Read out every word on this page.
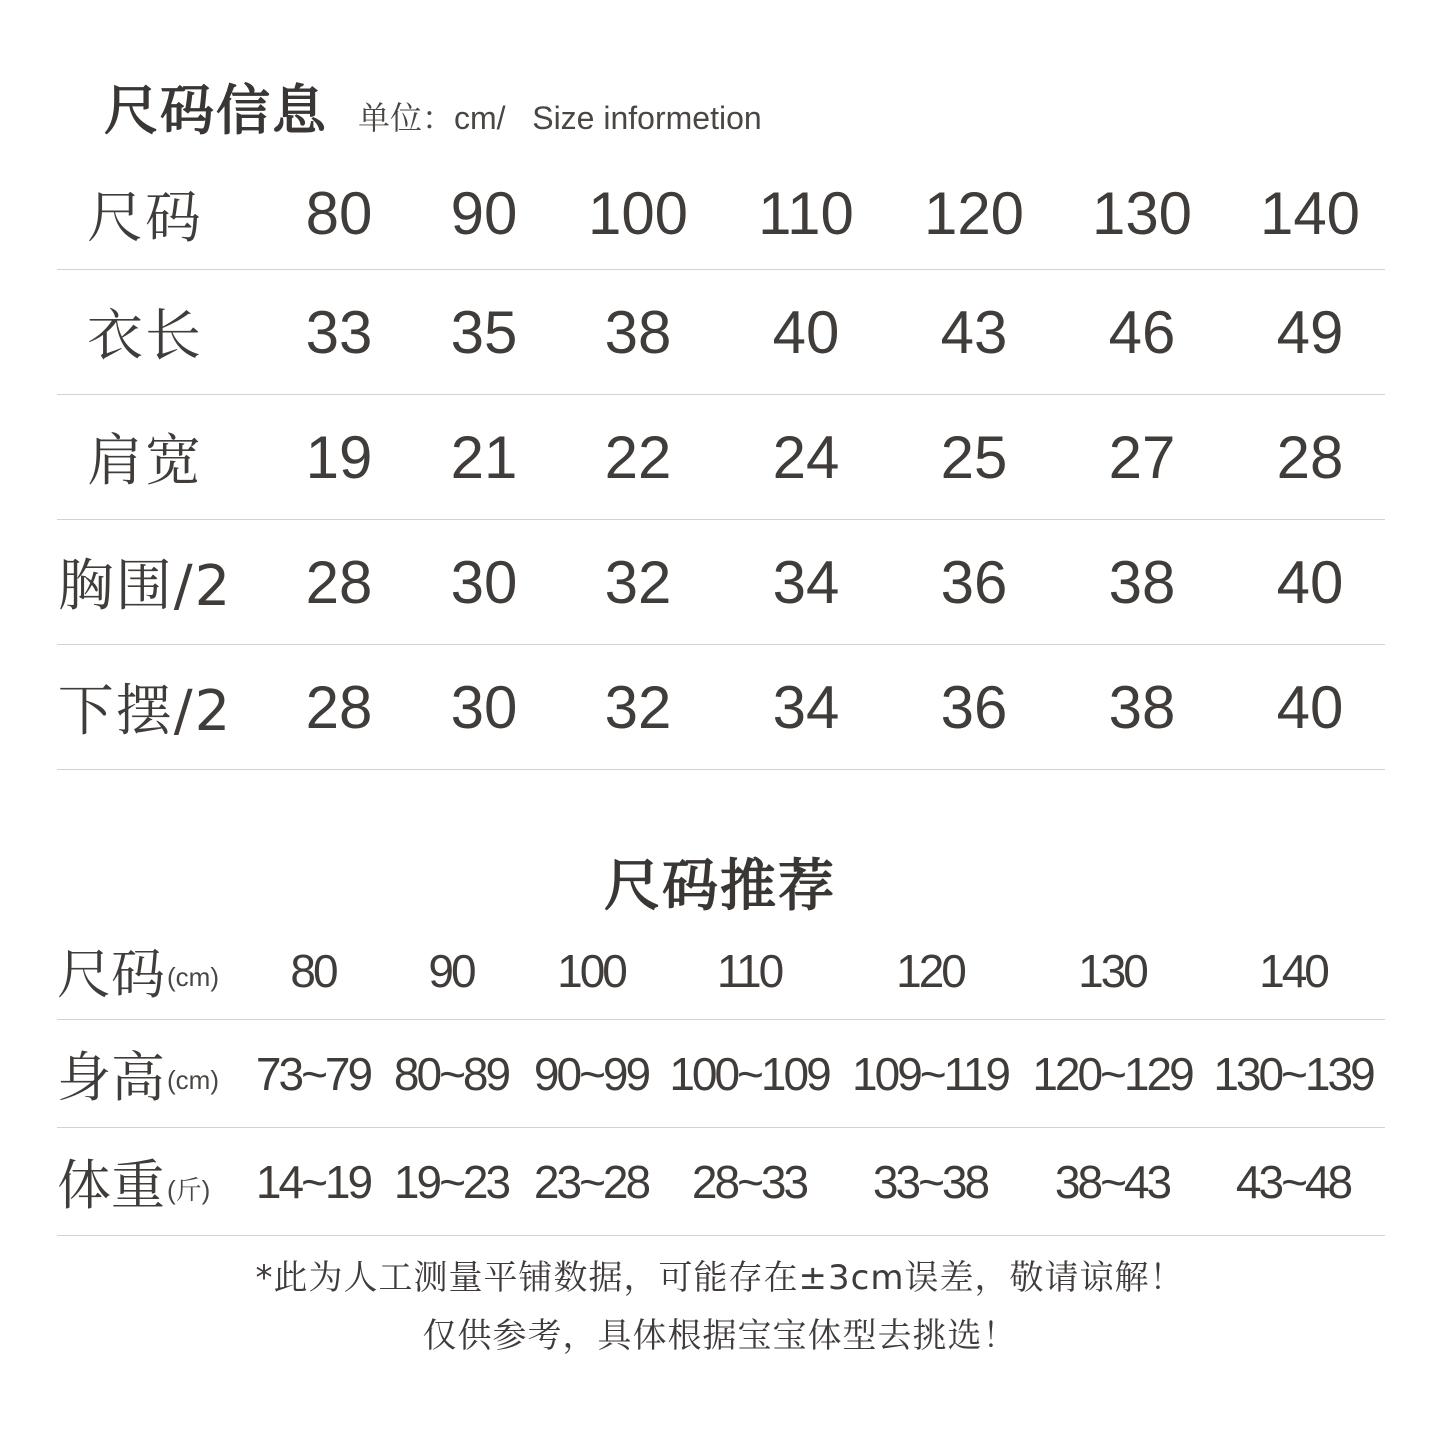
尺码信息 单位：cm/   Size informetion
尺码 80 90 100 110 120 130 140
衣长 33 35 38 40 43 46 49
肩宽 19 21 22 24 25 27 28
胸围/2 28 30 32 34 36 38 40
下摆/2 28 30 32 34 36 38 40
尺码推荐
尺码 (cm) 80 90 100 110 120 130 140
身高 (cm) 73~79 80~89 90~99 100~109 109~119 120~129 130~139
体重 (斤) 14~19 19~23 23~28 28~33 33~38 38~43 43~48
*此为人工测量平铺数据，可能存在±3cm误差，敬请谅解！
仅供参考，具体根据宝宝体型去挑选！
